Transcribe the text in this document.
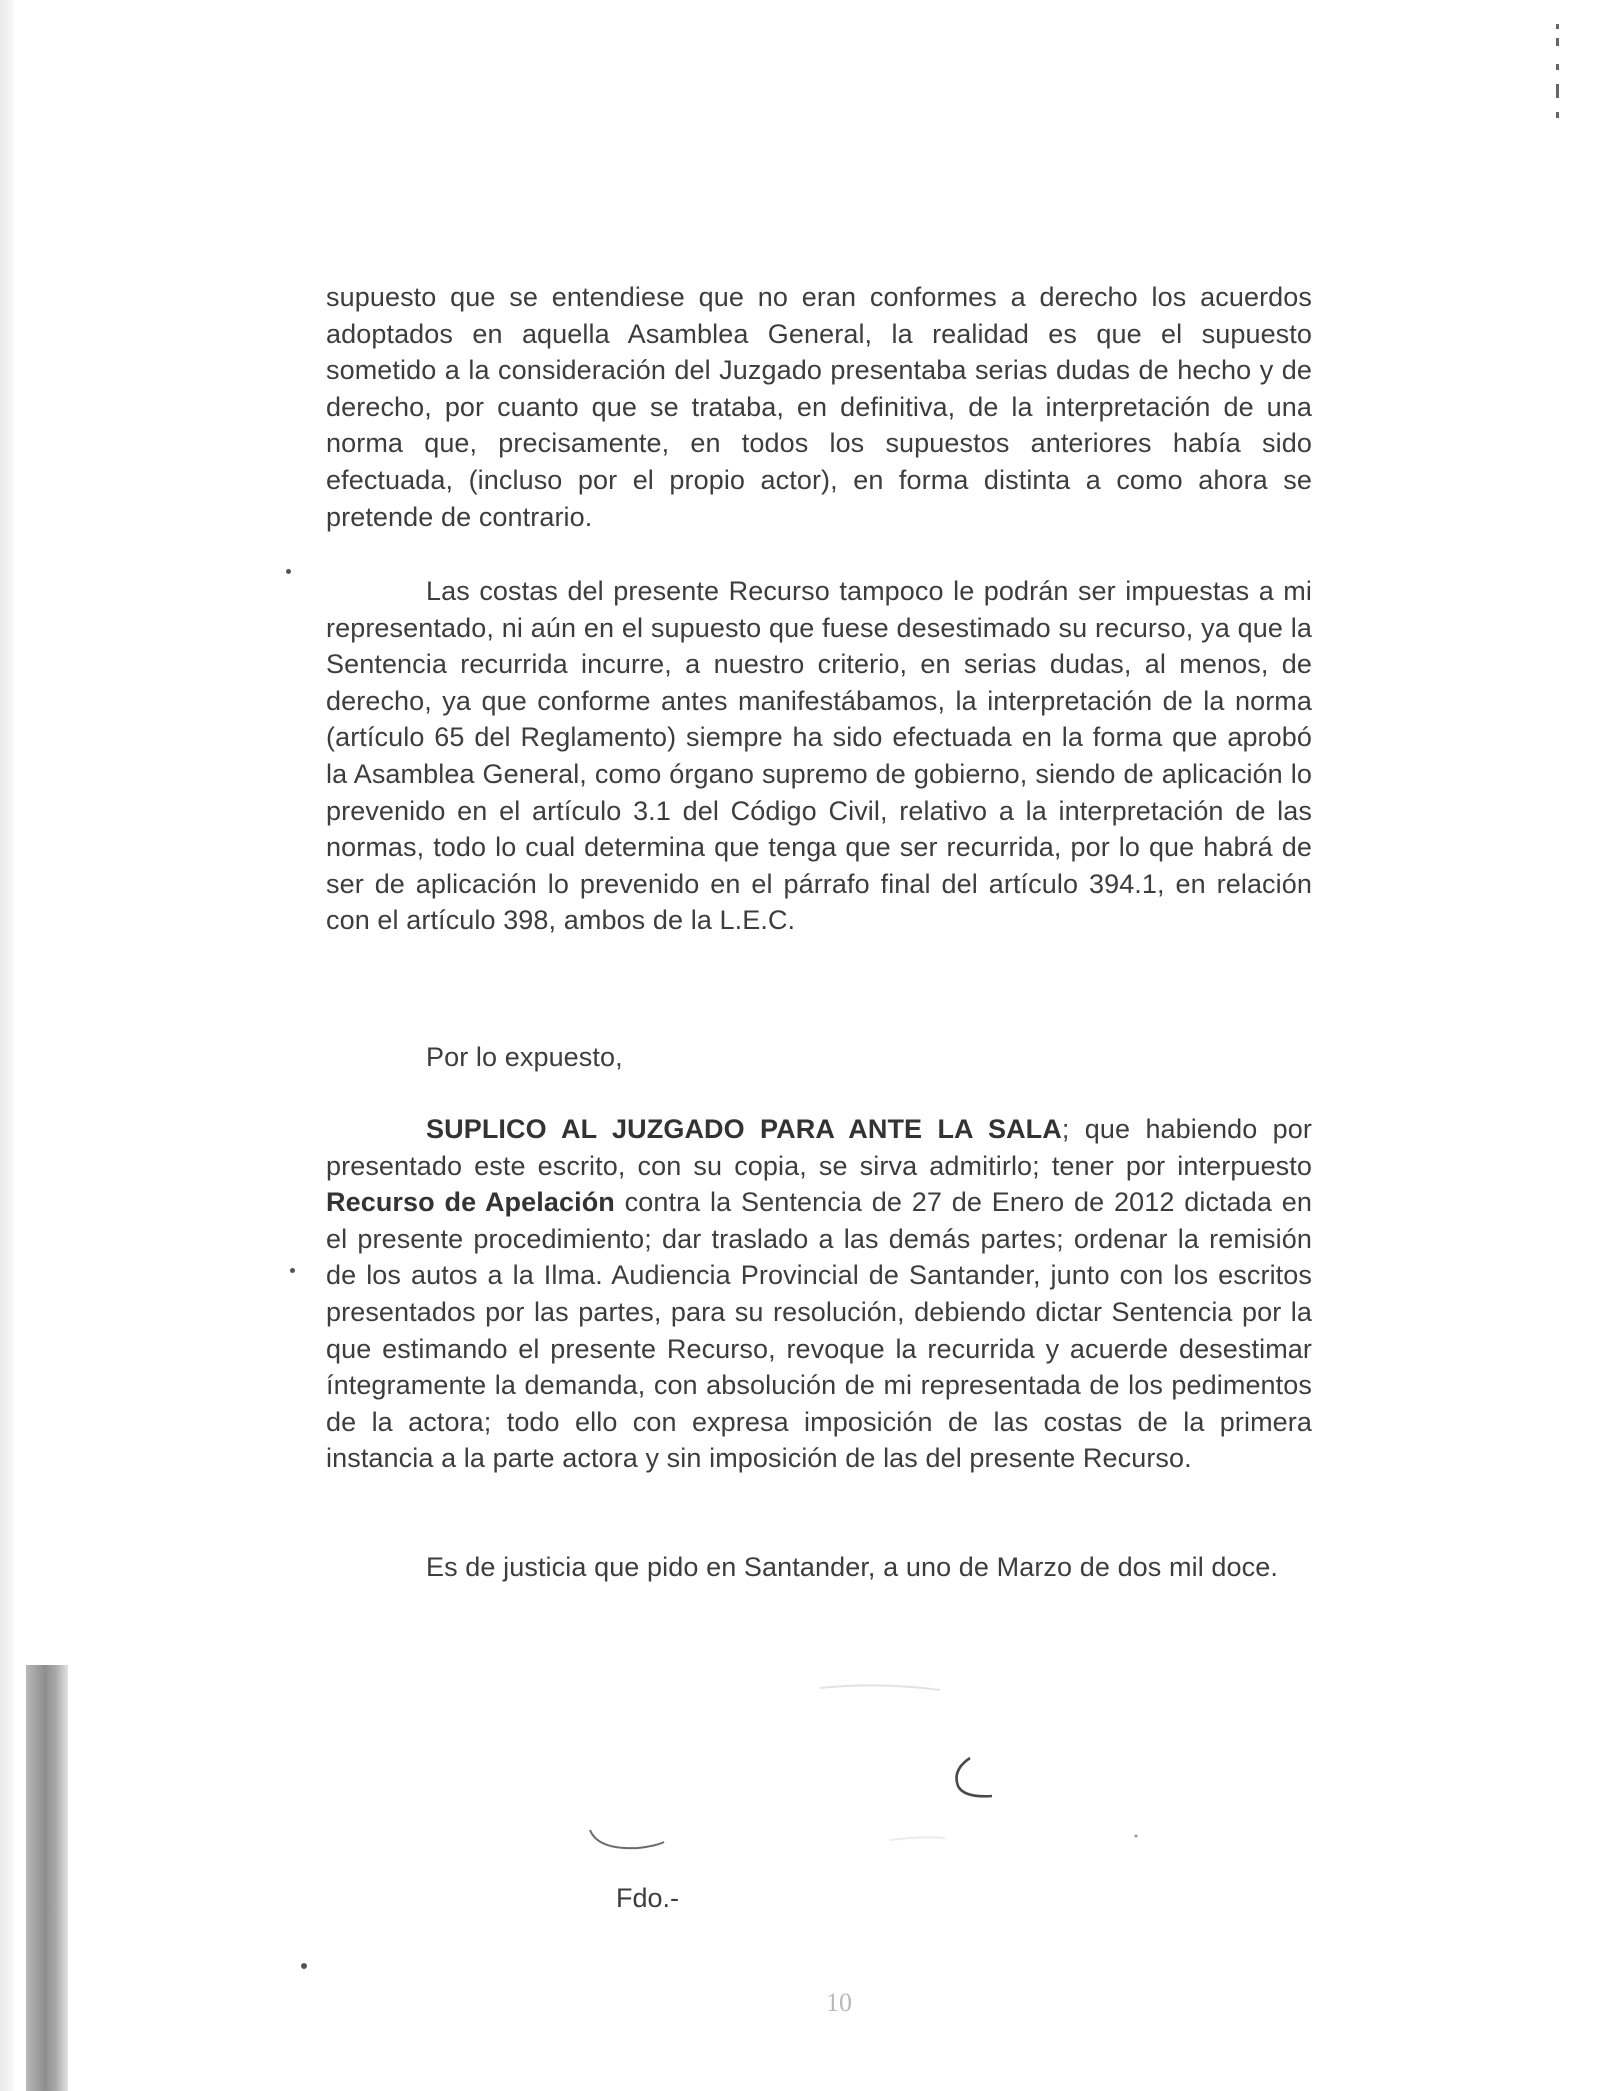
supuesto que se entendiese que no eran conformes a derecho los acuerdos adoptados en aquella Asamblea General, la realidad es que el supuesto sometido a la consideración del Juzgado presentaba serias dudas de hecho y de derecho, por cuanto que se trataba, en definitiva, de la interpretación de una norma que, precisamente, en todos los supuestos anteriores había sido efectuada, (incluso por el propio actor), en forma distinta a como ahora se pretende de contrario.

Las costas del presente Recurso tampoco le podrán ser impuestas a mi representado, ni aún en el supuesto que fuese desestimado su recurso, ya que la Sentencia recurrida incurre, a nuestro criterio, en serias dudas, al menos, de derecho, ya que conforme antes manifestábamos, la interpretación de la norma (artículo 65 del Reglamento) siempre ha sido efectuada en la forma que aprobó la Asamblea General, como órgano supremo de gobierno, siendo de aplicación lo prevenido en el artículo 3.1 del Código Civil, relativo a la interpretación de las normas, todo lo cual determina que tenga que ser recurrida, por lo que habrá de ser de aplicación lo prevenido en el párrafo final del artículo 394.1, en relación con el artículo 398, ambos de la L.E.C.

Por lo expuesto,

SUPLICO AL JUZGADO PARA ANTE LA SALA; que habiendo por presentado este escrito, con su copia, se sirva admitirlo; tener por interpuesto Recurso de Apelación contra la Sentencia de 27 de Enero de 2012 dictada en el presente procedimiento; dar traslado a las demás partes; ordenar la remisión de los autos a la Ilma. Audiencia Provincial de Santander, junto con los escritos presentados por las partes, para su resolución, debiendo dictar Sentencia por la que estimando el presente Recurso, revoque la recurrida y acuerde desestimar íntegramente la demanda, con absolución de mi representada de los pedimentos de la actora; todo ello con expresa imposición de las costas de la primera instancia a la parte actora y sin imposición de las del presente Recurso.

Es de justicia que pido en Santander, a uno de Marzo de dos mil doce.

Fdo.-
10
